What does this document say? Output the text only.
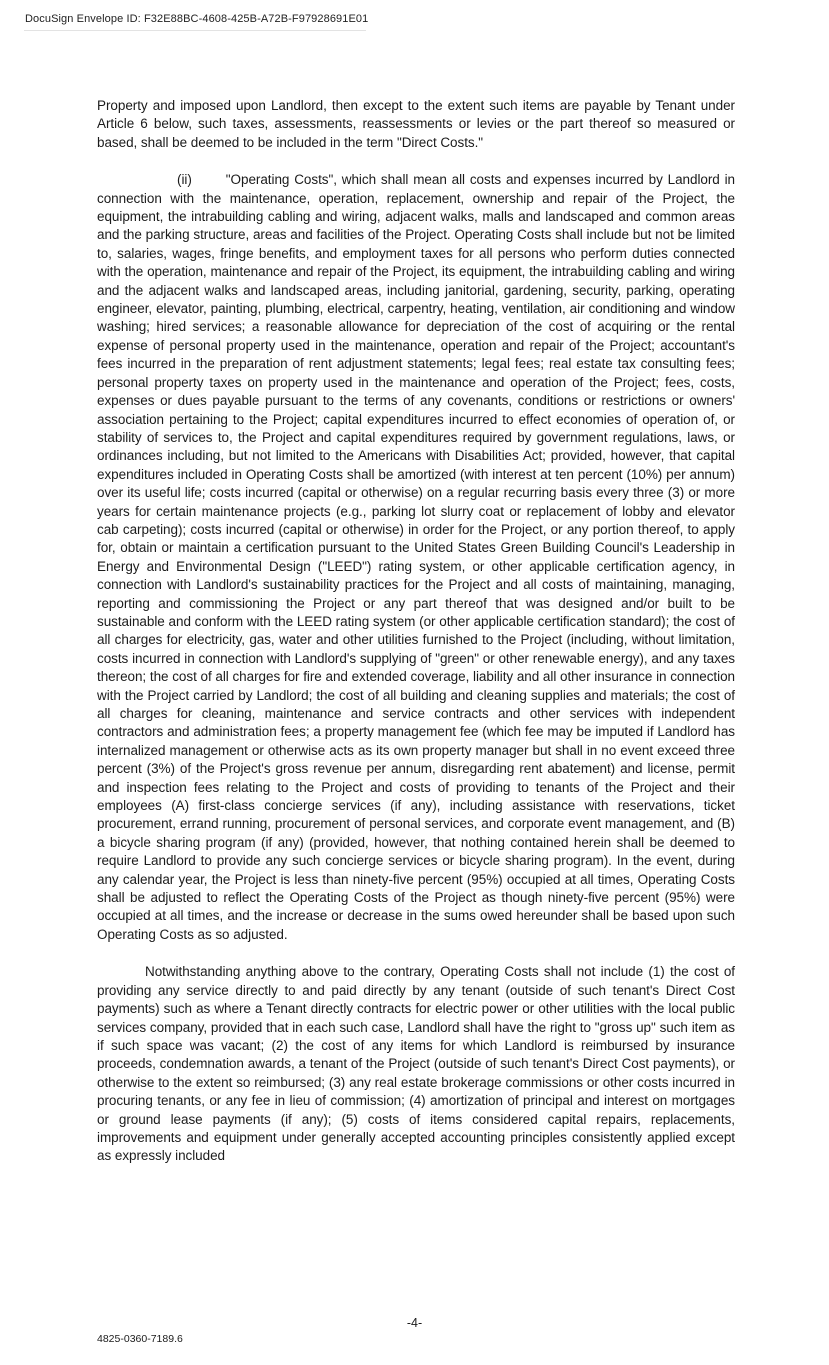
DocuSign Envelope ID: F32E88BC-4608-425B-A72B-F97928691E01

Property and imposed upon Landlord, then except to the extent such items are payable by Tenant under Article 6 below, such taxes, assessments, reassessments or levies or the part thereof so measured or based, shall be deemed to be included in the term "Direct Costs."

(ii)	"Operating Costs", which shall mean all costs and expenses incurred by Landlord in connection with the maintenance, operation, replacement, ownership and repair of the Project, the equipment, the intrabuilding cabling and wiring, adjacent walks, malls and landscaped and common areas and the parking structure, areas and facilities of the Project. Operating Costs shall include but not be limited to, salaries, wages, fringe benefits, and employment taxes for all persons who perform duties connected with the operation, maintenance and repair of the Project, its equipment, the intrabuilding cabling and wiring and the adjacent walks and landscaped areas, including janitorial, gardening, security, parking, operating engineer, elevator, painting, plumbing, electrical, carpentry, heating, ventilation, air conditioning and window washing; hired services; a reasonable allowance for depreciation of the cost of acquiring or the rental expense of personal property used in the maintenance, operation and repair of the Project; accountant's fees incurred in the preparation of rent adjustment statements; legal fees; real estate tax consulting fees; personal property taxes on property used in the maintenance and operation of the Project; fees, costs, expenses or dues payable pursuant to the terms of any covenants, conditions or restrictions or owners' association pertaining to the Project; capital expenditures incurred to effect economies of operation of, or stability of services to, the Project and capital expenditures required by government regulations, laws, or ordinances including, but not limited to the Americans with Disabilities Act; provided, however, that capital expenditures included in Operating Costs shall be amortized (with interest at ten percent (10%) per annum) over its useful life; costs incurred (capital or otherwise) on a regular recurring basis every three (3) or more years for certain maintenance projects (e.g., parking lot slurry coat or replacement of lobby and elevator cab carpeting); costs incurred (capital or otherwise) in order for the Project, or any portion thereof, to apply for, obtain or maintain a certification pursuant to the United States Green Building Council's Leadership in Energy and Environmental Design ("LEED") rating system, or other applicable certification agency, in connection with Landlord's sustainability practices for the Project and all costs of maintaining, managing, reporting and commissioning the Project or any part thereof that was designed and/or built to be sustainable and conform with the LEED rating system (or other applicable certification standard); the cost of all charges for electricity, gas, water and other utilities furnished to the Project (including, without limitation, costs incurred in connection with Landlord's supplying of "green" or other renewable energy), and any taxes thereon; the cost of all charges for fire and extended coverage, liability and all other insurance in connection with the Project carried by Landlord; the cost of all building and cleaning supplies and materials; the cost of all charges for cleaning, maintenance and service contracts and other services with independent contractors and administration fees; a property management fee (which fee may be imputed if Landlord has internalized management or otherwise acts as its own property manager but shall in no event exceed three percent (3%) of the Project's gross revenue per annum, disregarding rent abatement) and license, permit and inspection fees relating to the Project and costs of providing to tenants of the Project and their employees (A) first-class concierge services (if any), including assistance with reservations, ticket procurement, errand running, procurement of personal services, and corporate event management, and (B) a bicycle sharing program (if any) (provided, however, that nothing contained herein shall be deemed to require Landlord to provide any such concierge services or bicycle sharing program). In the event, during any calendar year, the Project is less than ninety-five percent (95%) occupied at all times, Operating Costs shall be adjusted to reflect the Operating Costs of the Project as though ninety-five percent (95%) were occupied at all times, and the increase or decrease in the sums owed hereunder shall be based upon such Operating Costs as so adjusted.

Notwithstanding anything above to the contrary, Operating Costs shall not include (1) the cost of providing any service directly to and paid directly by any tenant (outside of such tenant's Direct Cost payments) such as where a Tenant directly contracts for electric power or other utilities with the local public services company, provided that in each such case, Landlord shall have the right to "gross up" such item as if such space was vacant; (2) the cost of any items for which Landlord is reimbursed by insurance proceeds, condemnation awards, a tenant of the Project (outside of such tenant's Direct Cost payments), or otherwise to the extent so reimbursed; (3) any real estate brokerage commissions or other costs incurred in procuring tenants, or any fee in lieu of commission; (4) amortization of principal and interest on mortgages or ground lease payments (if any); (5) costs of items considered capital repairs, replacements, improvements and equipment under generally accepted accounting principles consistently applied except as expressly included

-4-
4825-0360-7189.6
